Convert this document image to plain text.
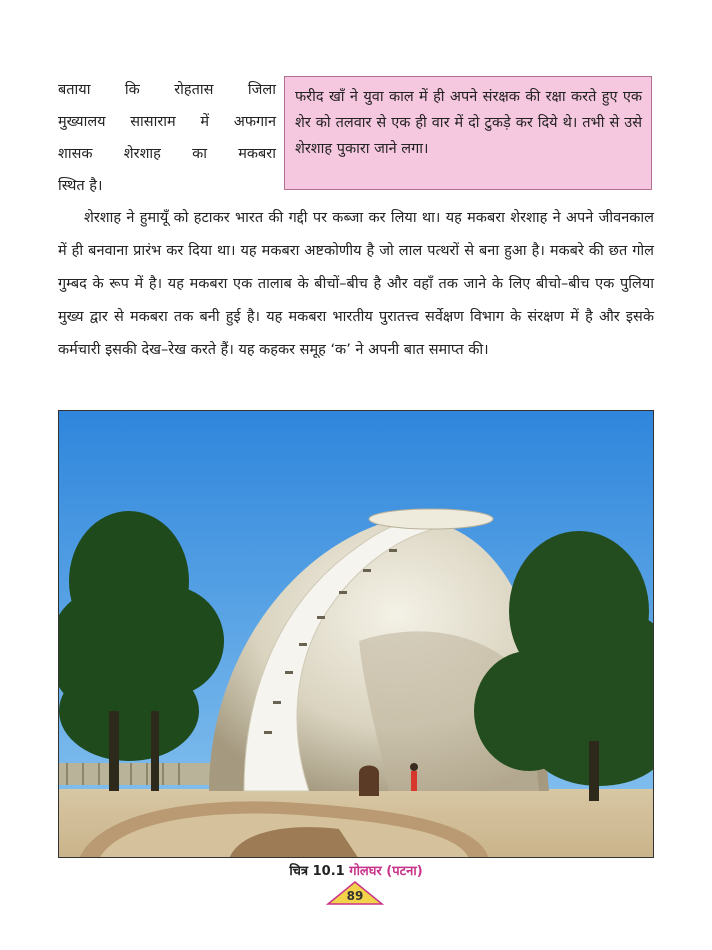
बताया कि रोहतास जिला
मुख्यालय सासाराम में अफगान
शासक शेरशाह का मकबरा
स्थित है।
फरीद खाँ ने युवा काल में ही अपने संरक्षक की रक्षा करते हुए एक शेर को तलवार से एक ही वार में दो टुकड़े कर दिये थे। तभी से उसे शेरशाह पुकारा जाने लगा।

शेरशाह ने हुमायूँ को हटाकर भारत की गद्दी पर कब्जा कर लिया था। यह मकबरा शेरशाह ने अपने जीवनकाल में ही बनवाना प्रारंभ कर दिया था। यह मकबरा अष्टकोणीय है जो लाल पत्थरों से बना हुआ है। मकबरे की छत गोल गुम्बद के रूप में है। यह मकबरा एक तालाब के बीचों–बीच है और वहाँ तक जाने के लिए बीचो–बीच एक पुलिया मुख्य द्वार से मकबरा तक बनी हुई है। यह मकबरा भारतीय पुरातत्त्व सर्वेक्षण विभाग के संरक्षण में है और इसके कर्मचारी इसकी देख–रेख करते हैं। यह कहकर समूह ‘क’ ने अपनी बात समाप्त की।

चित्र 10.1 गोलघर (पटना)
89
